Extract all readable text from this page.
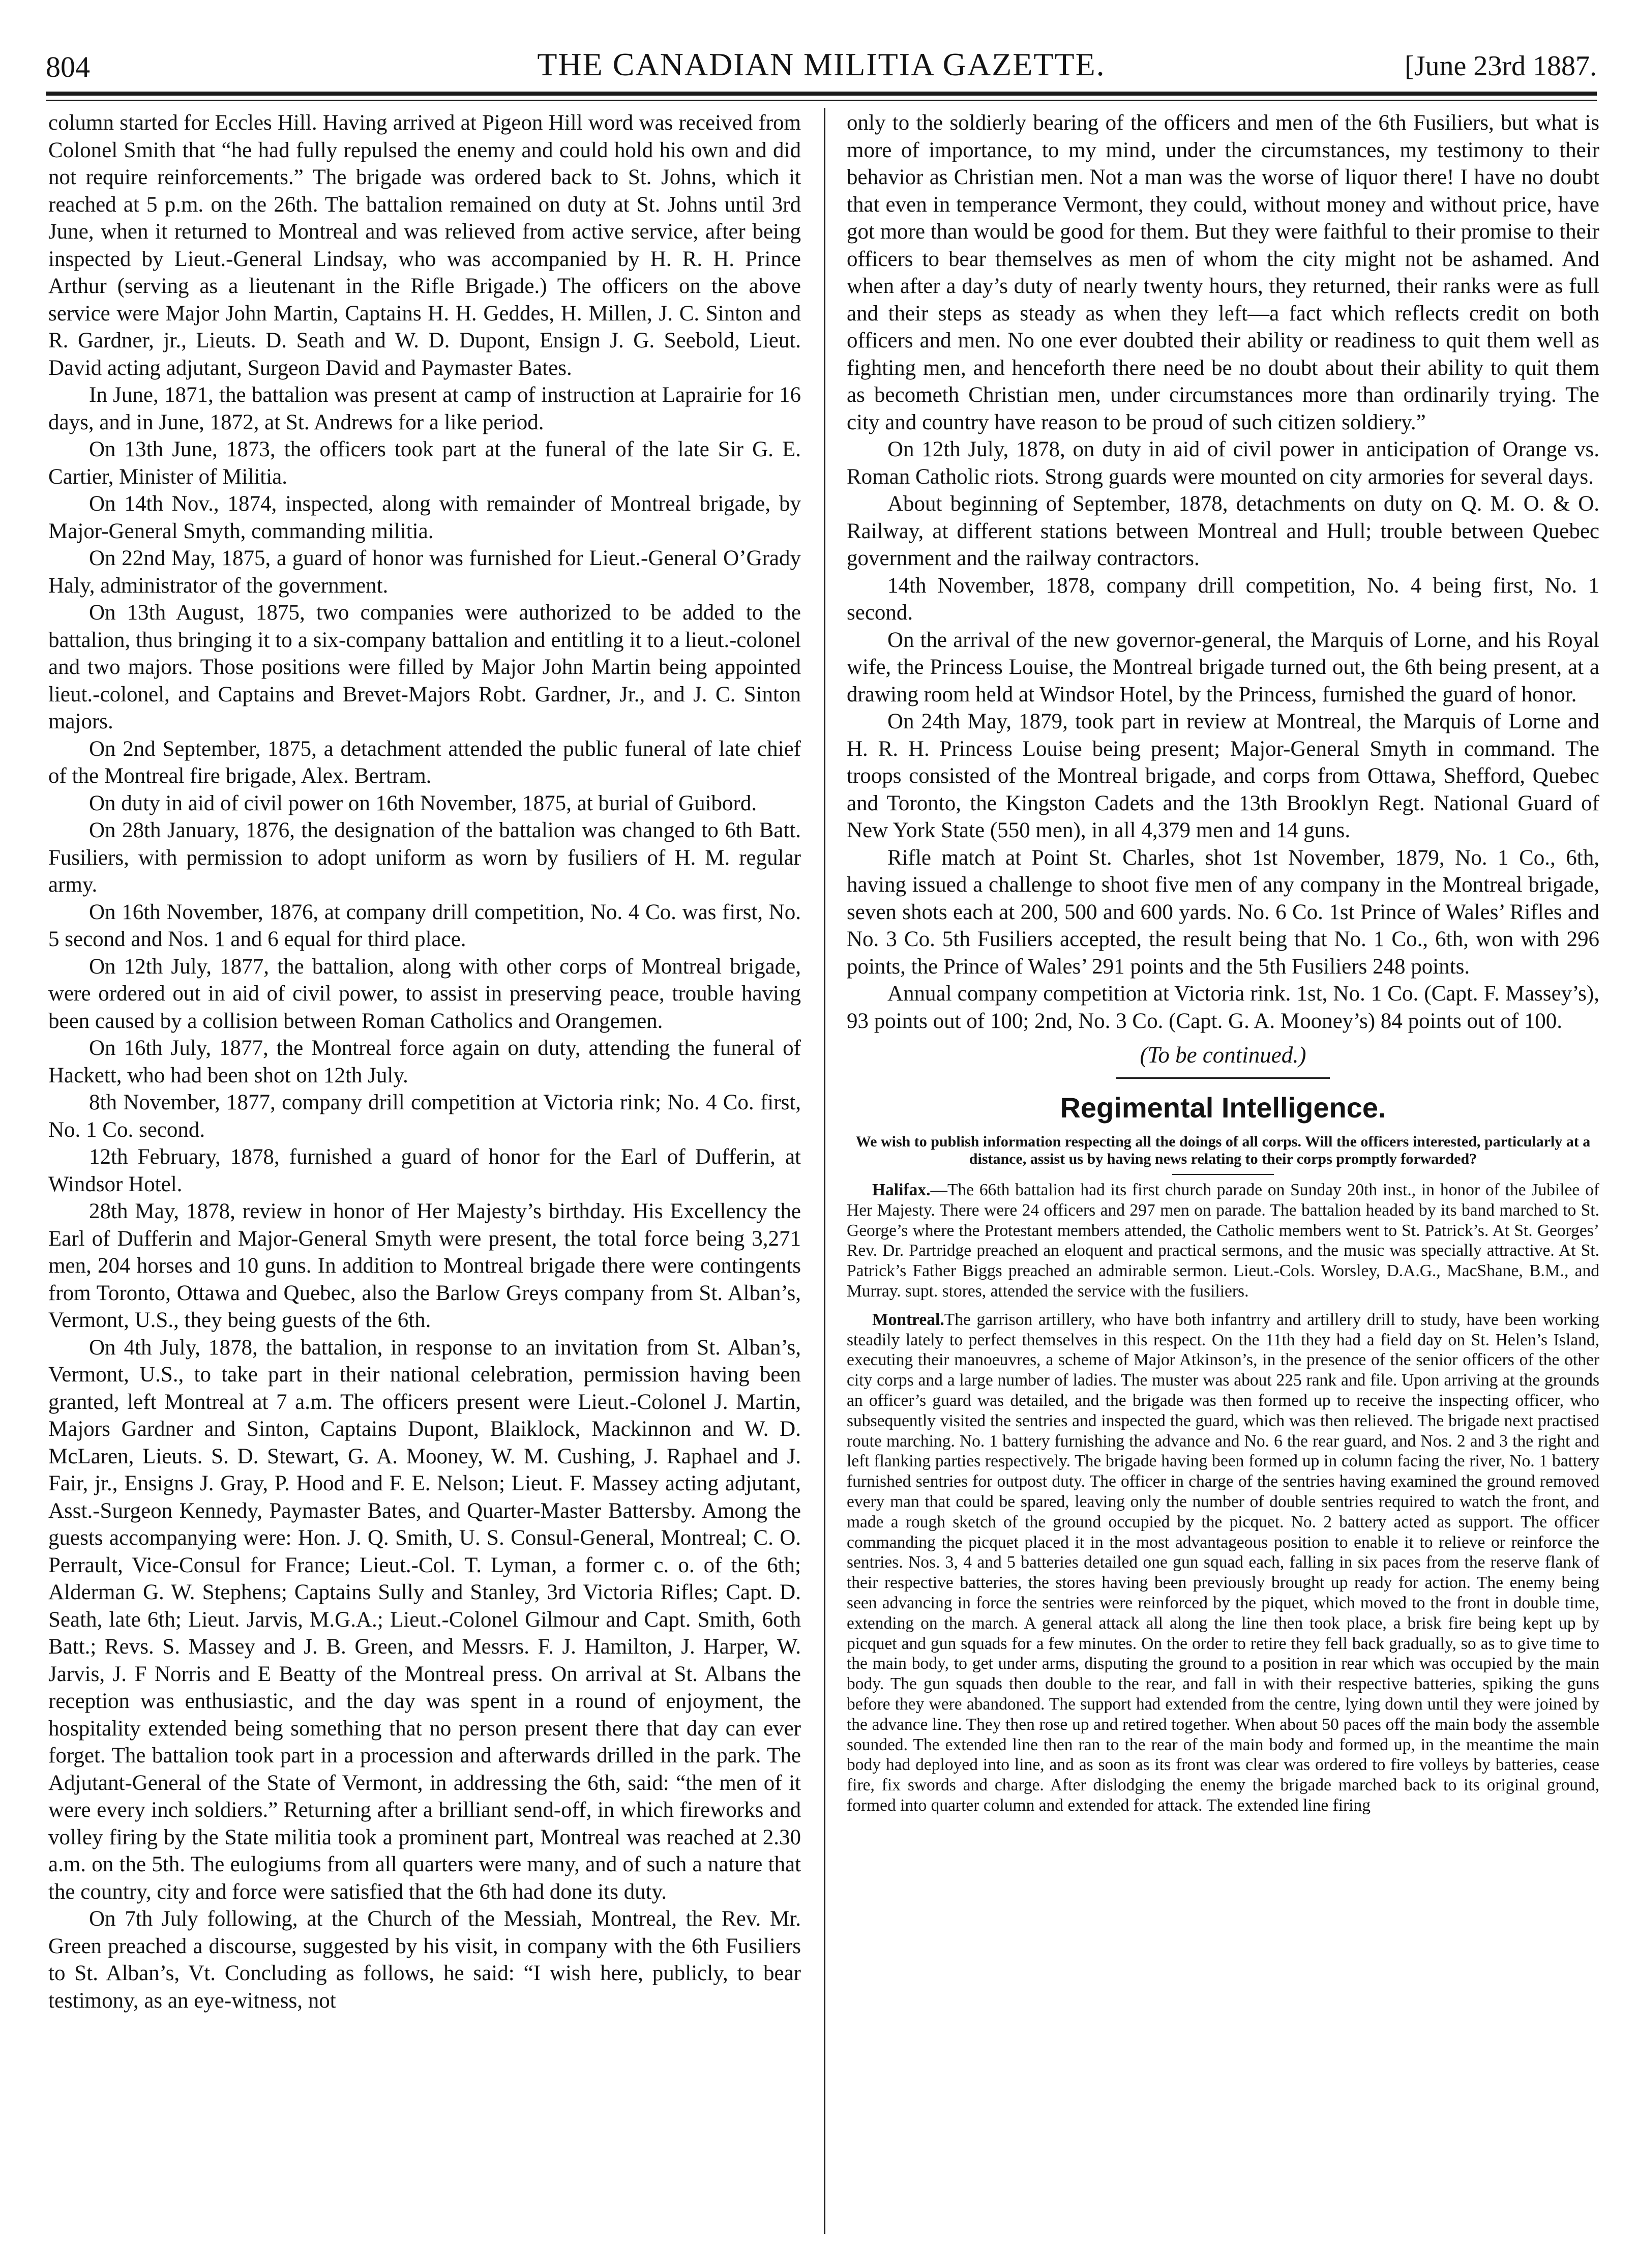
804	THE CANADIAN MILITIA GAZETTE.	[June 23rd 1887.

column started for Eccles Hill. Having arrived at Pigeon Hill word was received from Colonel Smith that “he had fully repulsed the enemy and could hold his own and did not require reinforcements.” The brigade was ordered back to St. Johns, which it reached at 5 p.m. on the 26th. The battalion remained on duty at St. Johns until 3rd June, when it returned to Montreal and was relieved from active service, after being inspected by Lieut.-General Lindsay, who was accompanied by H. R. H. Prince Arthur (serving as a lieutenant in the Rifle Brigade.) The officers on the above service were Major John Martin, Captains H. H. Geddes, H. Millen, J. C. Sinton and R. Gardner, jr., Lieuts. D. Seath and W. D. Dupont, Ensign J. G. Seebold, Lieut. David acting adjutant, Surgeon David and Paymaster Bates.

In June, 1871, the battalion was present at camp of instruction at Laprairie for 16 days, and in June, 1872, at St. Andrews for a like period.

On 13th June, 1873, the officers took part at the funeral of the late Sir G. E. Cartier, Minister of Militia.

On 14th Nov., 1874, inspected, along with remainder of Montreal brigade, by Major-General Smyth, commanding militia.

On 22nd May, 1875, a guard of honor was furnished for Lieut.-General O’Grady Haly, administrator of the government.

On 13th August, 1875, two companies were authorized to be added to the battalion, thus bringing it to a six-company battalion and entitling it to a lieut.-colonel and two majors. Those positions were filled by Major John Martin being appointed lieut.-colonel, and Captains and Brevet-Majors Robt. Gardner, Jr., and J. C. Sinton majors.

On 2nd September, 1875, a detachment attended the public funeral of late chief of the Montreal fire brigade, Alex. Bertram.

On duty in aid of civil power on 16th November, 1875, at burial of Guibord.

On 28th January, 1876, the designation of the battalion was changed to 6th Batt. Fusiliers, with permission to adopt uniform as worn by fusiliers of H. M. regular army.

On 16th November, 1876, at company drill competition, No. 4 Co. was first, No. 5 second and Nos. 1 and 6 equal for third place.

On 12th July, 1877, the battalion, along with other corps of Montreal brigade, were ordered out in aid of civil power, to assist in preserving peace, trouble having been caused by a collision between Roman Catholics and Orangemen.

On 16th July, 1877, the Montreal force again on duty, attending the funeral of Hackett, who had been shot on 12th July.

8th November, 1877, company drill competition at Victoria rink; No. 4 Co. first, No. 1 Co. second.

12th February, 1878, furnished a guard of honor for the Earl of Dufferin, at Windsor Hotel.

28th May, 1878, review in honor of Her Majesty’s birthday. His Excellency the Earl of Dufferin and Major-General Smyth were present, the total force being 3,271 men, 204 horses and 10 guns. In addition to Montreal brigade there were contingents from Toronto, Ottawa and Quebec, also the Barlow Greys company from St. Alban’s, Vermont, U.S., they being guests of the 6th.

On 4th July, 1878, the battalion, in response to an invitation from St. Alban’s, Vermont, U.S., to take part in their national celebration, permission having been granted, left Montreal at 7 a.m. The officers present were Lieut.-Colonel J. Martin, Majors Gardner and Sinton, Captains Dupont, Blaiklock, Mackinnon and W. D. McLaren, Lieuts. S. D. Stewart, G. A. Mooney, W. M. Cushing, J. Raphael and J. Fair, jr., Ensigns J. Gray, P. Hood and F. E. Nelson; Lieut. F. Massey acting adjutant, Asst.-Surgeon Kennedy, Paymaster Bates, and Quarter-Master Battersby. Among the guests accompanying were: Hon. J. Q. Smith, U. S. Consul-General, Montreal; C. O. Perrault, Vice-Consul for France; Lieut.-Col. T. Lyman, a former c. o. of the 6th; Alderman G. W. Stephens; Captains Sully and Stanley, 3rd Victoria Rifles; Capt. D. Seath, late 6th; Lieut. Jarvis, M.G.A.; Lieut.-Colonel Gilmour and Capt. Smith, 6oth Batt.; Revs. S. Massey and J. B. Green, and Messrs. F. J. Hamilton, J. Harper, W. Jarvis, J. F Norris and E Beatty of the Montreal press. On arrival at St. Albans the reception was enthusiastic, and the day was spent in a round of enjoyment, the hospitality extended being something that no person present there that day can ever forget. The battalion took part in a procession and afterwards drilled in the park. The Adjutant-General of the State of Vermont, in addressing the 6th, said: “the men of it were every inch soldiers.” Returning after a brilliant send-off, in which fireworks and volley firing by the State militia took a prominent part, Montreal was reached at 2.30 a.m. on the 5th. The eulogiums from all quarters were many, and of such a nature that the country, city and force were satisfied that the 6th had done its duty.

On 7th July following, at the Church of the Messiah, Montreal, the Rev. Mr. Green preached a discourse, suggested by his visit, in company with the 6th Fusiliers to St. Alban’s, Vt. Concluding as follows, he said: “I wish here, publicly, to bear testimony, as an eye-witness, not

only to the soldierly bearing of the officers and men of the 6th Fusiliers, but what is more of importance, to my mind, under the circumstances, my testimony to their behavior as Christian men. Not a man was the worse of liquor there! I have no doubt that even in temperance Vermont, they could, without money and without price, have got more than would be good for them. But they were faithful to their promise to their officers to bear themselves as men of whom the city might not be ashamed. And when after a day’s duty of nearly twenty hours, they returned, their ranks were as full and their steps as steady as when they left—a fact which reflects credit on both officers and men. No one ever doubted their ability or readiness to quit them well as fighting men, and henceforth there need be no doubt about their ability to quit them as becometh Christian men, under circumstances more than ordinarily trying. The city and country have reason to be proud of such citizen soldiery.”

On 12th July, 1878, on duty in aid of civil power in anticipation of Orange vs. Roman Catholic riots. Strong guards were mounted on city armories for several days.

About beginning of September, 1878, detachments on duty on Q. M. O. & O. Railway, at different stations between Montreal and Hull; trouble between Quebec government and the railway contractors.

14th November, 1878, company drill competition, No. 4 being first, No. 1 second.

On the arrival of the new governor-general, the Marquis of Lorne, and his Royal wife, the Princess Louise, the Montreal brigade turned out, the 6th being present, at a drawing room held at Windsor Hotel, by the Princess, furnished the guard of honor.

On 24th May, 1879, took part in review at Montreal, the Marquis of Lorne and H. R. H. Princess Louise being present; Major-General Smyth in command. The troops consisted of the Montreal brigade, and corps from Ottawa, Shefford, Quebec and Toronto, the Kingston Cadets and the 13th Brooklyn Regt. National Guard of New York State (550 men), in all 4,379 men and 14 guns.

Rifle match at Point St. Charles, shot 1st November, 1879, No. 1 Co., 6th, having issued a challenge to shoot five men of any company in the Montreal brigade, seven shots each at 200, 500 and 600 yards. No. 6 Co. 1st Prince of Wales’ Rifles and No. 3 Co. 5th Fusiliers accepted, the result being that No. 1 Co., 6th, won with 296 points, the Prince of Wales’ 291 points and the 5th Fusiliers 248 points.

Annual company competition at Victoria rink. 1st, No. 1 Co. (Capt. F. Massey’s), 93 points out of 100; 2nd, No. 3 Co. (Capt. G. A. Mooney’s) 84 points out of 100.

(To be continued.)
Regimental Intelligence.
We wish to publish information respecting all the doings of all corps. Will the officers interested, particularly at a distance, assist us by having news relating to their corps promptly forwarded?

Halifax.—The 66th battalion had its first church parade on Sunday 20th inst., in honor of the Jubilee of Her Majesty. There were 24 officers and 297 men on parade. The battalion headed by its band marched to St. George’s where the Protestant members attended, the Catholic members went to St. Patrick’s. At St. Georges’ Rev. Dr. Partridge preached an eloquent and practical sermons, and the music was specially attractive. At St. Patrick’s Father Biggs preached an admirable sermon. Lieut.-Cols. Worsley, D.A.G., MacShane, B.M., and Murray. supt. stores, attended the service with the fusiliers.

Montreal.The garrison artillery, who have both infantrry and artillery drill to study, have been working steadily lately to perfect themselves in this respect. On the 11th they had a field day on St. Helen’s Island, executing their manoeuvres, a scheme of Major Atkinson’s, in the presence of the senior officers of the other city corps and a large number of ladies. The muster was about 225 rank and file. Upon arriving at the grounds an officer’s guard was detailed, and the brigade was then formed up to receive the inspecting officer, who subsequently visited the sentries and inspected the guard, which was then relieved. The brigade next practised route marching. No. 1 battery furnishing the advance and No. 6 the rear guard, and Nos. 2 and 3 the right and left flanking parties respectively. The brigade having been formed up in column facing the river, No. 1 battery furnished sentries for outpost duty. The officer in charge of the sentries having examined the ground removed every man that could be spared, leaving only the number of double sentries required to watch the front, and made a rough sketch of the ground occupied by the picquet. No. 2 battery acted as support. The officer commanding the picquet placed it in the most advantageous position to enable it to relieve or reinforce the sentries. Nos. 3, 4 and 5 batteries detailed one gun squad each, falling in six paces from the reserve flank of their respective batteries, the stores having been previously brought up ready for action. The enemy being seen advancing in force the sentries were reinforced by the piquet, which moved to the front in double time, extending on the march. A general attack all along the line then took place, a brisk fire being kept up by picquet and gun squads for a few minutes. On the order to retire they fell back gradually, so as to give time to the main body, to get under arms, disputing the ground to a position in rear which was occupied by the main body. The gun squads then double to the rear, and fall in with their respective batteries, spiking the guns before they were abandoned. The support had extended from the centre, lying down until they were joined by the advance line. They then rose up and retired together. When about 50 paces off the main body the assemble sounded. The extended line then ran to the rear of the main body and formed up, in the meantime the main body had deployed into line, and as soon as its front was clear was ordered to fire volleys by batteries, cease fire, fix swords and charge. After dislodging the enemy the brigade marched back to its original ground, formed into quarter column and extended for attack. The extended line firing
